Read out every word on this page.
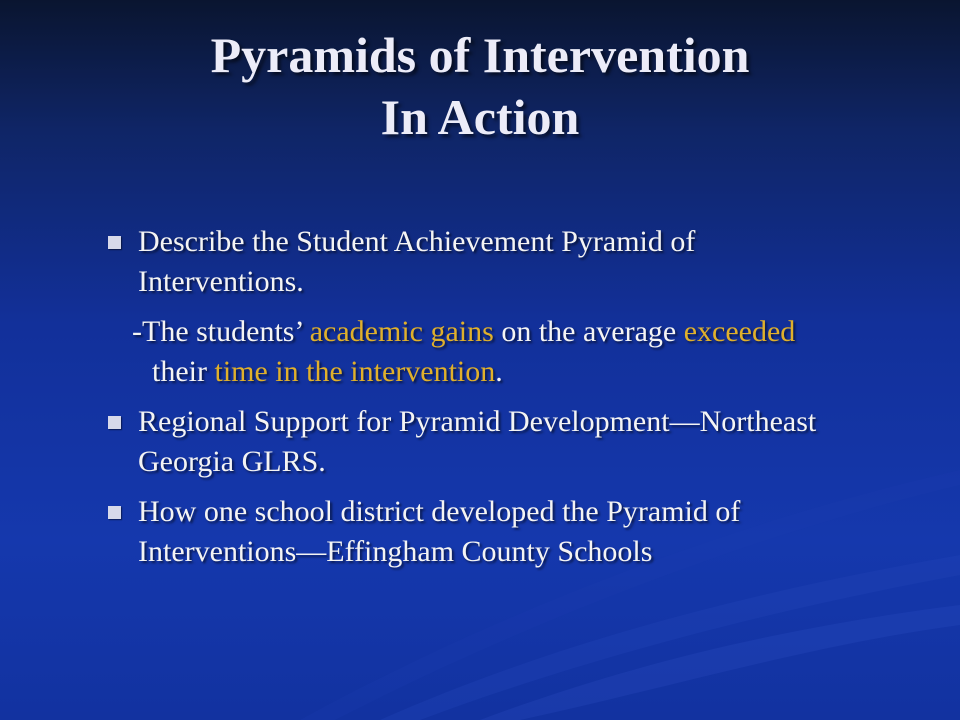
Pyramids of Intervention
In Action
Describe the Student Achievement Pyramid of Interventions.
-The students’ academic gains on the average exceeded their time in the intervention.
Regional Support for Pyramid Development—Northeast Georgia GLRS.
How one school district developed the Pyramid of Interventions—Effingham County Schools
